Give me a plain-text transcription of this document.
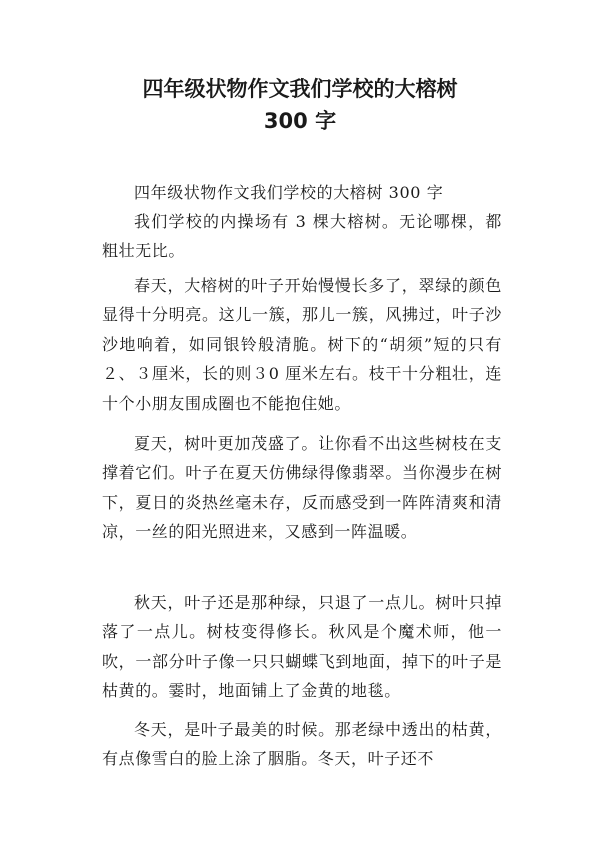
四年级状物作文我们学校的大榕树
300 字

四年级状物作文我们学校的大榕树 300 字

我们学校的内操场有 3 棵大榕树。无论哪棵，都粗壮无比。

春天，大榕树的叶子开始慢慢长多了，翠绿的颜色显得十分明亮。这儿一簇，那儿一簇，风拂过，叶子沙沙地响着，如同银铃般清脆。树下的“胡须”短的只有２、３厘米，长的则３0 厘米左右。枝干十分粗壮，连十个小朋友围成圈也不能抱住她。

夏天，树叶更加茂盛了。让你看不出这些树枝在支撑着它们。叶子在夏天仿佛绿得像翡翠。当你漫步在树下，夏日的炎热丝毫未存，反而感受到一阵阵清爽和清凉，一丝的阳光照进来，又感到一阵温暖。

秋天，叶子还是那种绿，只退了一点儿。树叶只掉落了一点儿。树枝变得修长。秋风是个魔术师，他一吹，一部分叶子像一只只蝴蝶飞到地面，掉下的叶子是枯黄的。霎时，地面铺上了金黄的地毯。

冬天，是叶子最美的时候。那老绿中透出的枯黄，有点像雪白的脸上涂了胭脂。冬天，叶子还不
